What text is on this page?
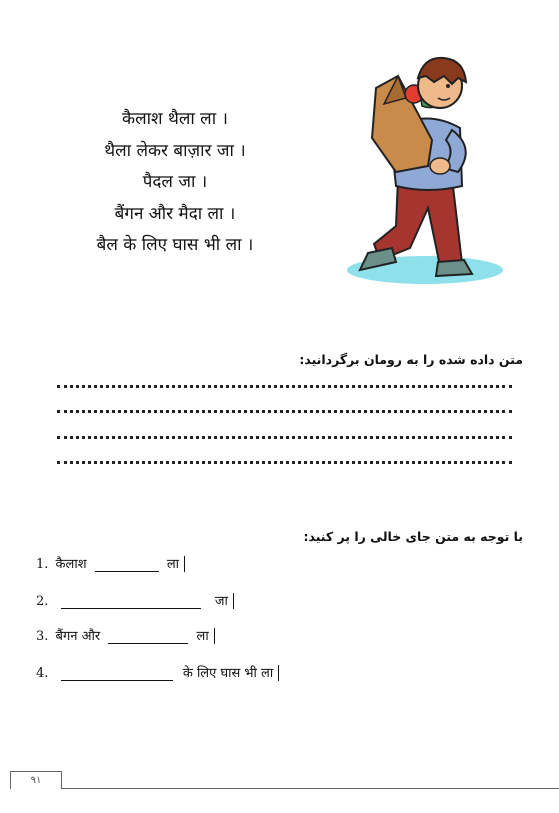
कैलाश थैला ला ।
थैला लेकर बाज़ार जा ।
पैदल जा ।
बैंगन और मैदा ला ।
बैल के लिए घास भी ला ।
متن داده شده را به رومان برگردانید:
با توجه به متن جای خالی را پر کنید:
1. कैलाश	ला
2.	जा
3. बैंगन और	ला
4.	के लिए घास भी ला
٩١
